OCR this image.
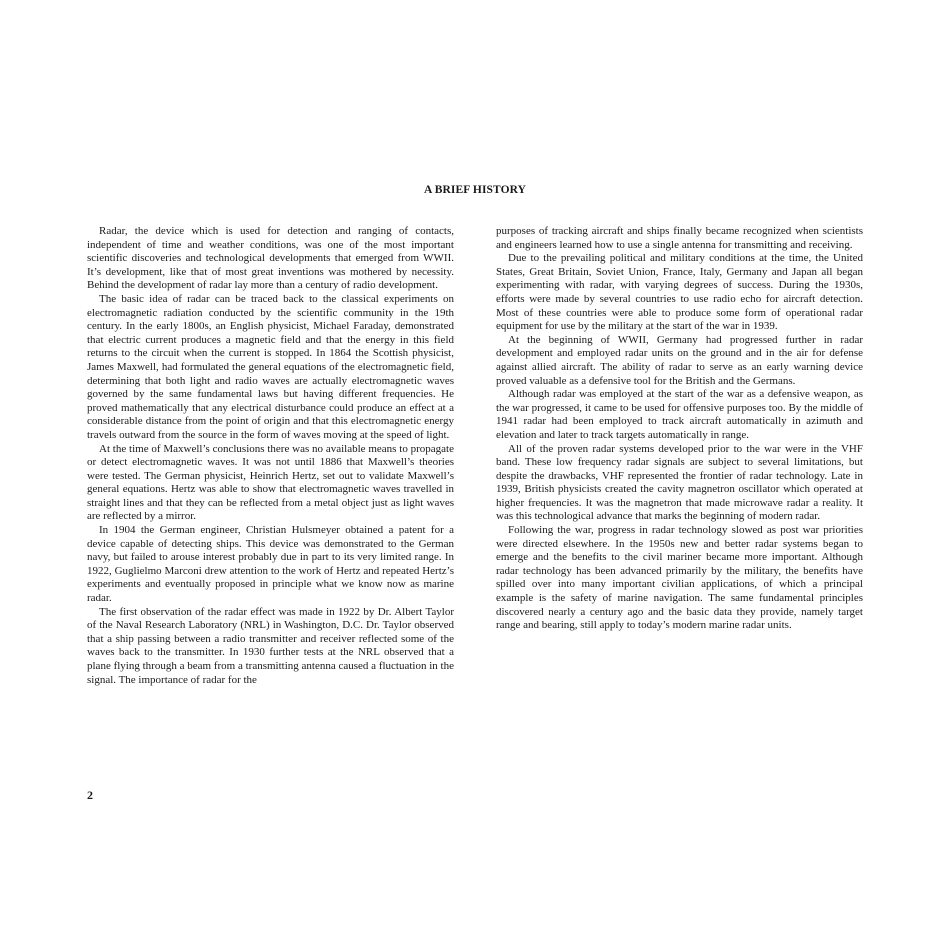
A BRIEF HISTORY

Radar, the device which is used for detection and ranging of contacts, independent of time and weather conditions, was one of the most important scientific discoveries and technological developments that emerged from WWII. It’s development, like that of most great inventions was mothered by necessity. Behind the development of radar lay more than a century of radio development.

The basic idea of radar can be traced back to the classical experiments on electromagnetic radiation conducted by the scientific community in the 19th century. In the early 1800s, an English physicist, Michael Faraday, demonstrated that electric current produces a magnetic field and that the energy in this field returns to the circuit when the current is stopped. In 1864 the Scottish physicist, James Maxwell, had formulated the general equations of the electromagnetic field, determining that both light and radio waves are actually electromagnetic waves governed by the same fundamental laws but having different frequencies. He proved mathematically that any electrical disturbance could produce an effect at a considerable distance from the point of origin and that this electromagnetic energy travels outward from the source in the form of waves moving at the speed of light.

At the time of Maxwell’s conclusions there was no available means to propagate or detect electromagnetic waves. It was not until 1886 that Maxwell’s theories were tested. The German physicist, Heinrich Hertz, set out to validate Maxwell’s general equations. Hertz was able to show that electromagnetic waves travelled in straight lines and that they can be reflected from a metal object just as light waves are reflected by a mirror.

In 1904 the German engineer, Christian Hulsmeyer obtained a patent for a device capable of detecting ships. This device was demonstrated to the German navy, but failed to arouse interest probably due in part to its very limited range. In 1922, Guglielmo Marconi drew attention to the work of Hertz and repeated Hertz’s experiments and eventually proposed in principle what we know now as marine radar.

The first observation of the radar effect was made in 1922 by Dr. Albert Taylor of the Naval Research Laboratory (NRL) in Washington, D.C. Dr. Taylor observed that a ship passing between a radio transmitter and receiver reflected some of the waves back to the transmitter. In 1930 further tests at the NRL observed that a plane flying through a beam from a transmitting antenna caused a fluctuation in the signal. The importance of radar for the

purposes of tracking aircraft and ships finally became recognized when scientists and engineers learned how to use a single antenna for transmitting and receiving.

Due to the prevailing political and military conditions at the time, the United States, Great Britain, Soviet Union, France, Italy, Germany and Japan all began experimenting with radar, with varying degrees of success. During the 1930s, efforts were made by several countries to use radio echo for aircraft detection. Most of these countries were able to produce some form of operational radar equipment for use by the military at the start of the war in 1939.

At the beginning of WWII, Germany had progressed further in radar development and employed radar units on the ground and in the air for defense against allied aircraft. The ability of radar to serve as an early warning device proved valuable as a defensive tool for the British and the Germans.

Although radar was employed at the start of the war as a defensive weapon, as the war progressed, it came to be used for offensive purposes too. By the middle of 1941 radar had been employed to track aircraft automatically in azimuth and elevation and later to track targets automatically in range.

All of the proven radar systems developed prior to the war were in the VHF band. These low frequency radar signals are subject to several limitations, but despite the drawbacks, VHF represented the frontier of radar technology. Late in 1939, British physicists created the cavity magnetron oscillator which operated at higher frequencies. It was the magnetron that made microwave radar a reality. It was this technological advance that marks the beginning of modern radar.

Following the war, progress in radar technology slowed as post war priorities were directed elsewhere. In the 1950s new and better radar systems began to emerge and the benefits to the civil mariner became more important. Although radar technology has been advanced primarily by the military, the benefits have spilled over into many important civilian applications, of which a principal example is the safety of marine navigation. The same fundamental principles discovered nearly a century ago and the basic data they provide, namely target range and bearing, still apply to today’s modern marine radar units.

2
